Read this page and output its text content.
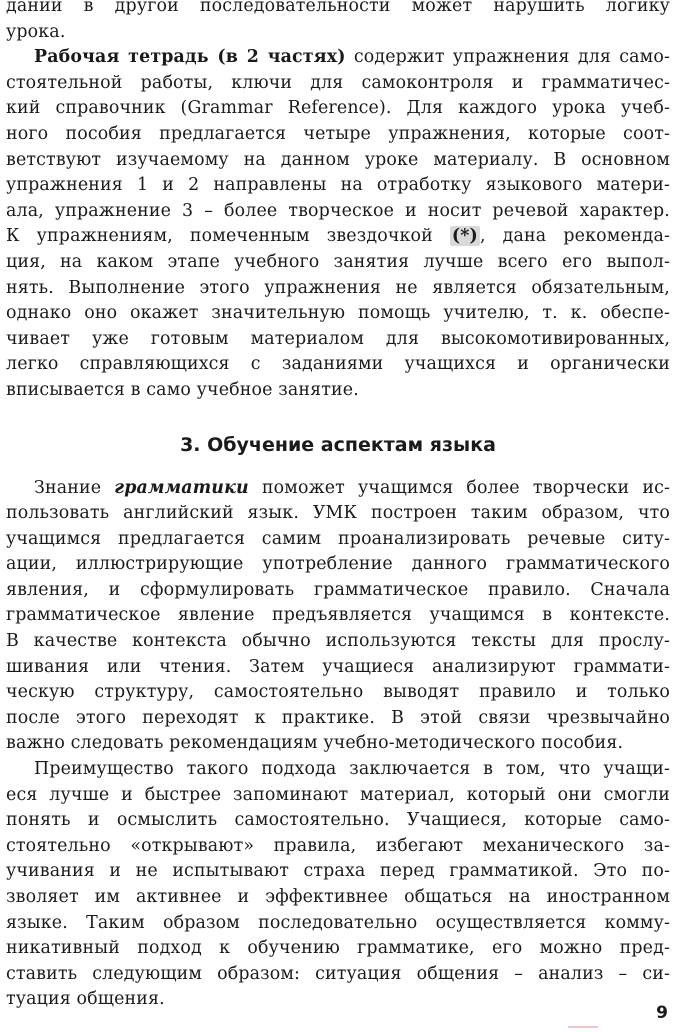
даний в другой последовательности может нарушить логику
урока.
Рабочая тетрадь (в 2 частях) содержит упражнения для само-
стоятельной работы, ключи для самоконтроля и грамматичес-
кий справочник (Grammar Reference). Для каждого урока учеб-
ного пособия предлагается четыре упражнения, которые соот-
ветствуют изучаемому на данном уроке материалу. В основном
упражнения 1 и 2 направлены на отработку языкового матери-
ала, упражнение 3 – более творческое и носит речевой характер.
К упражнениям, помеченным звездочкой (*) , дана рекоменда-
ция, на каком этапе учебного занятия лучше всего его выпол-
нять. Выполнение этого упражнения не является обязательным,
однако оно окажет значительную помощь учителю, т. к. обеспе-
чивает уже готовым материалом для высокомотивированных,
легко справляющихся с заданиями учащихся и органически
вписывается в само учебное занятие.
3. Обучение аспектам языка
Знание грамматики поможет учащимся более творчески ис-
пользовать английский язык. УМК построен таким образом, что
учащимся предлагается самим проанализировать речевые ситу-
ации, иллюстрирующие употребление данного грамматического
явления, и сформулировать грамматическое правило. Сначала
грамматическое явление предъявляется учащимся в контексте.
В качестве контекста обычно используются тексты для прослу-
шивания или чтения. Затем учащиеся анализируют граммати-
ческую структуру, самостоятельно выводят правило и только
после этого переходят к практике. В этой связи чрезвычайно
важно следовать рекомендациям учебно-методического пособия.
Преимущество такого подхода заключается в том, что учащи-
еся лучше и быстрее запоминают материал, который они смогли
понять и осмыслить самостоятельно. Учащиеся, которые само-
стоятельно «открывают» правила, избегают механического за-
учивания и не испытывают страха перед грамматикой. Это по-
зволяет им активнее и эффективнее общаться на иностранном
языке. Таким образом последовательно осуществляется комму-
никативный подход к обучению грамматике, его можно пред-
ставить следующим образом: ситуация общения – анализ – си-
туация общения.
9
